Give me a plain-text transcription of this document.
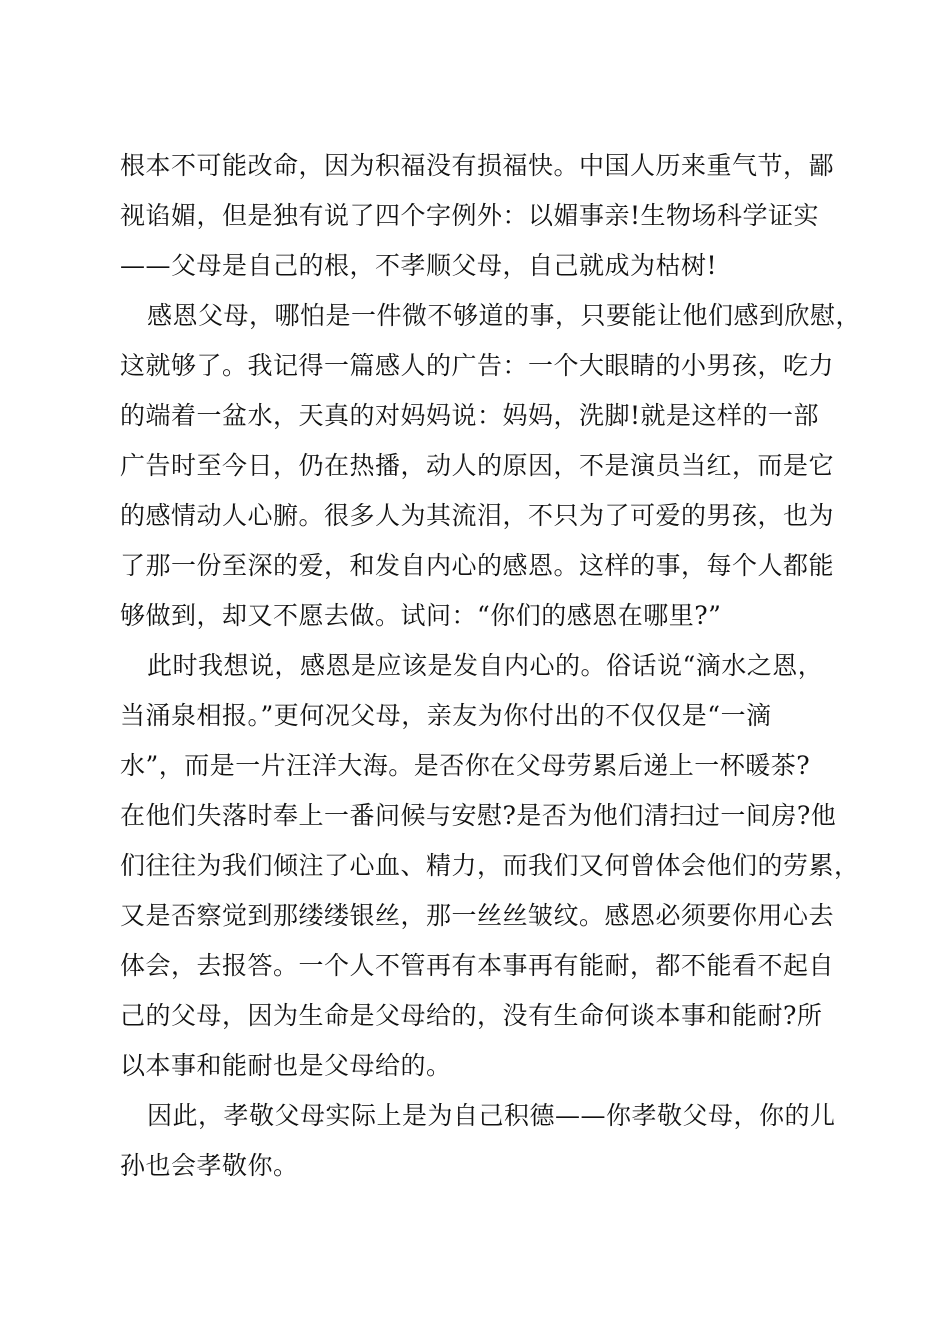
根本不可能改命，因为积福没有损福快。中国人历来重气节，鄙
视谄媚，但是独有说了四个字例外：以媚事亲!生物场科学证实
——父母是自己的根，不孝顺父母，自己就成为枯树!
感恩父母，哪怕是一件微不够道的事，只要能让他们感到欣慰，
这就够了。我记得一篇感人的广告：一个大眼睛的小男孩，吃力
的端着一盆水，天真的对妈妈说：妈妈，洗脚!就是这样的一部
广告时至今日，仍在热播，动人的原因，不是演员当红，而是它
的感情动人心腑。很多人为其流泪，不只为了可爱的男孩，也为
了那一份至深的爱，和发自内心的感恩。这样的事，每个人都能
够做到，却又不愿去做。试问：“你们的感恩在哪里?”
此时我想说，感恩是应该是发自内心的。俗话说“滴水之恩，
当涌泉相报。”更何况父母，亲友为你付出的不仅仅是“一滴
水”，而是一片汪洋大海。是否你在父母劳累后递上一杯暖茶?
在他们失落时奉上一番问候与安慰?是否为他们清扫过一间房?他
们往往为我们倾注了心血、精力，而我们又何曾体会他们的劳累，
又是否察觉到那缕缕银丝，那一丝丝皱纹。感恩必须要你用心去
体会，去报答。一个人不管再有本事再有能耐，都不能看不起自
己的父母，因为生命是父母给的，没有生命何谈本事和能耐?所
以本事和能耐也是父母给的。
因此，孝敬父母实际上是为自己积德——你孝敬父母，你的儿
孙也会孝敬你。
